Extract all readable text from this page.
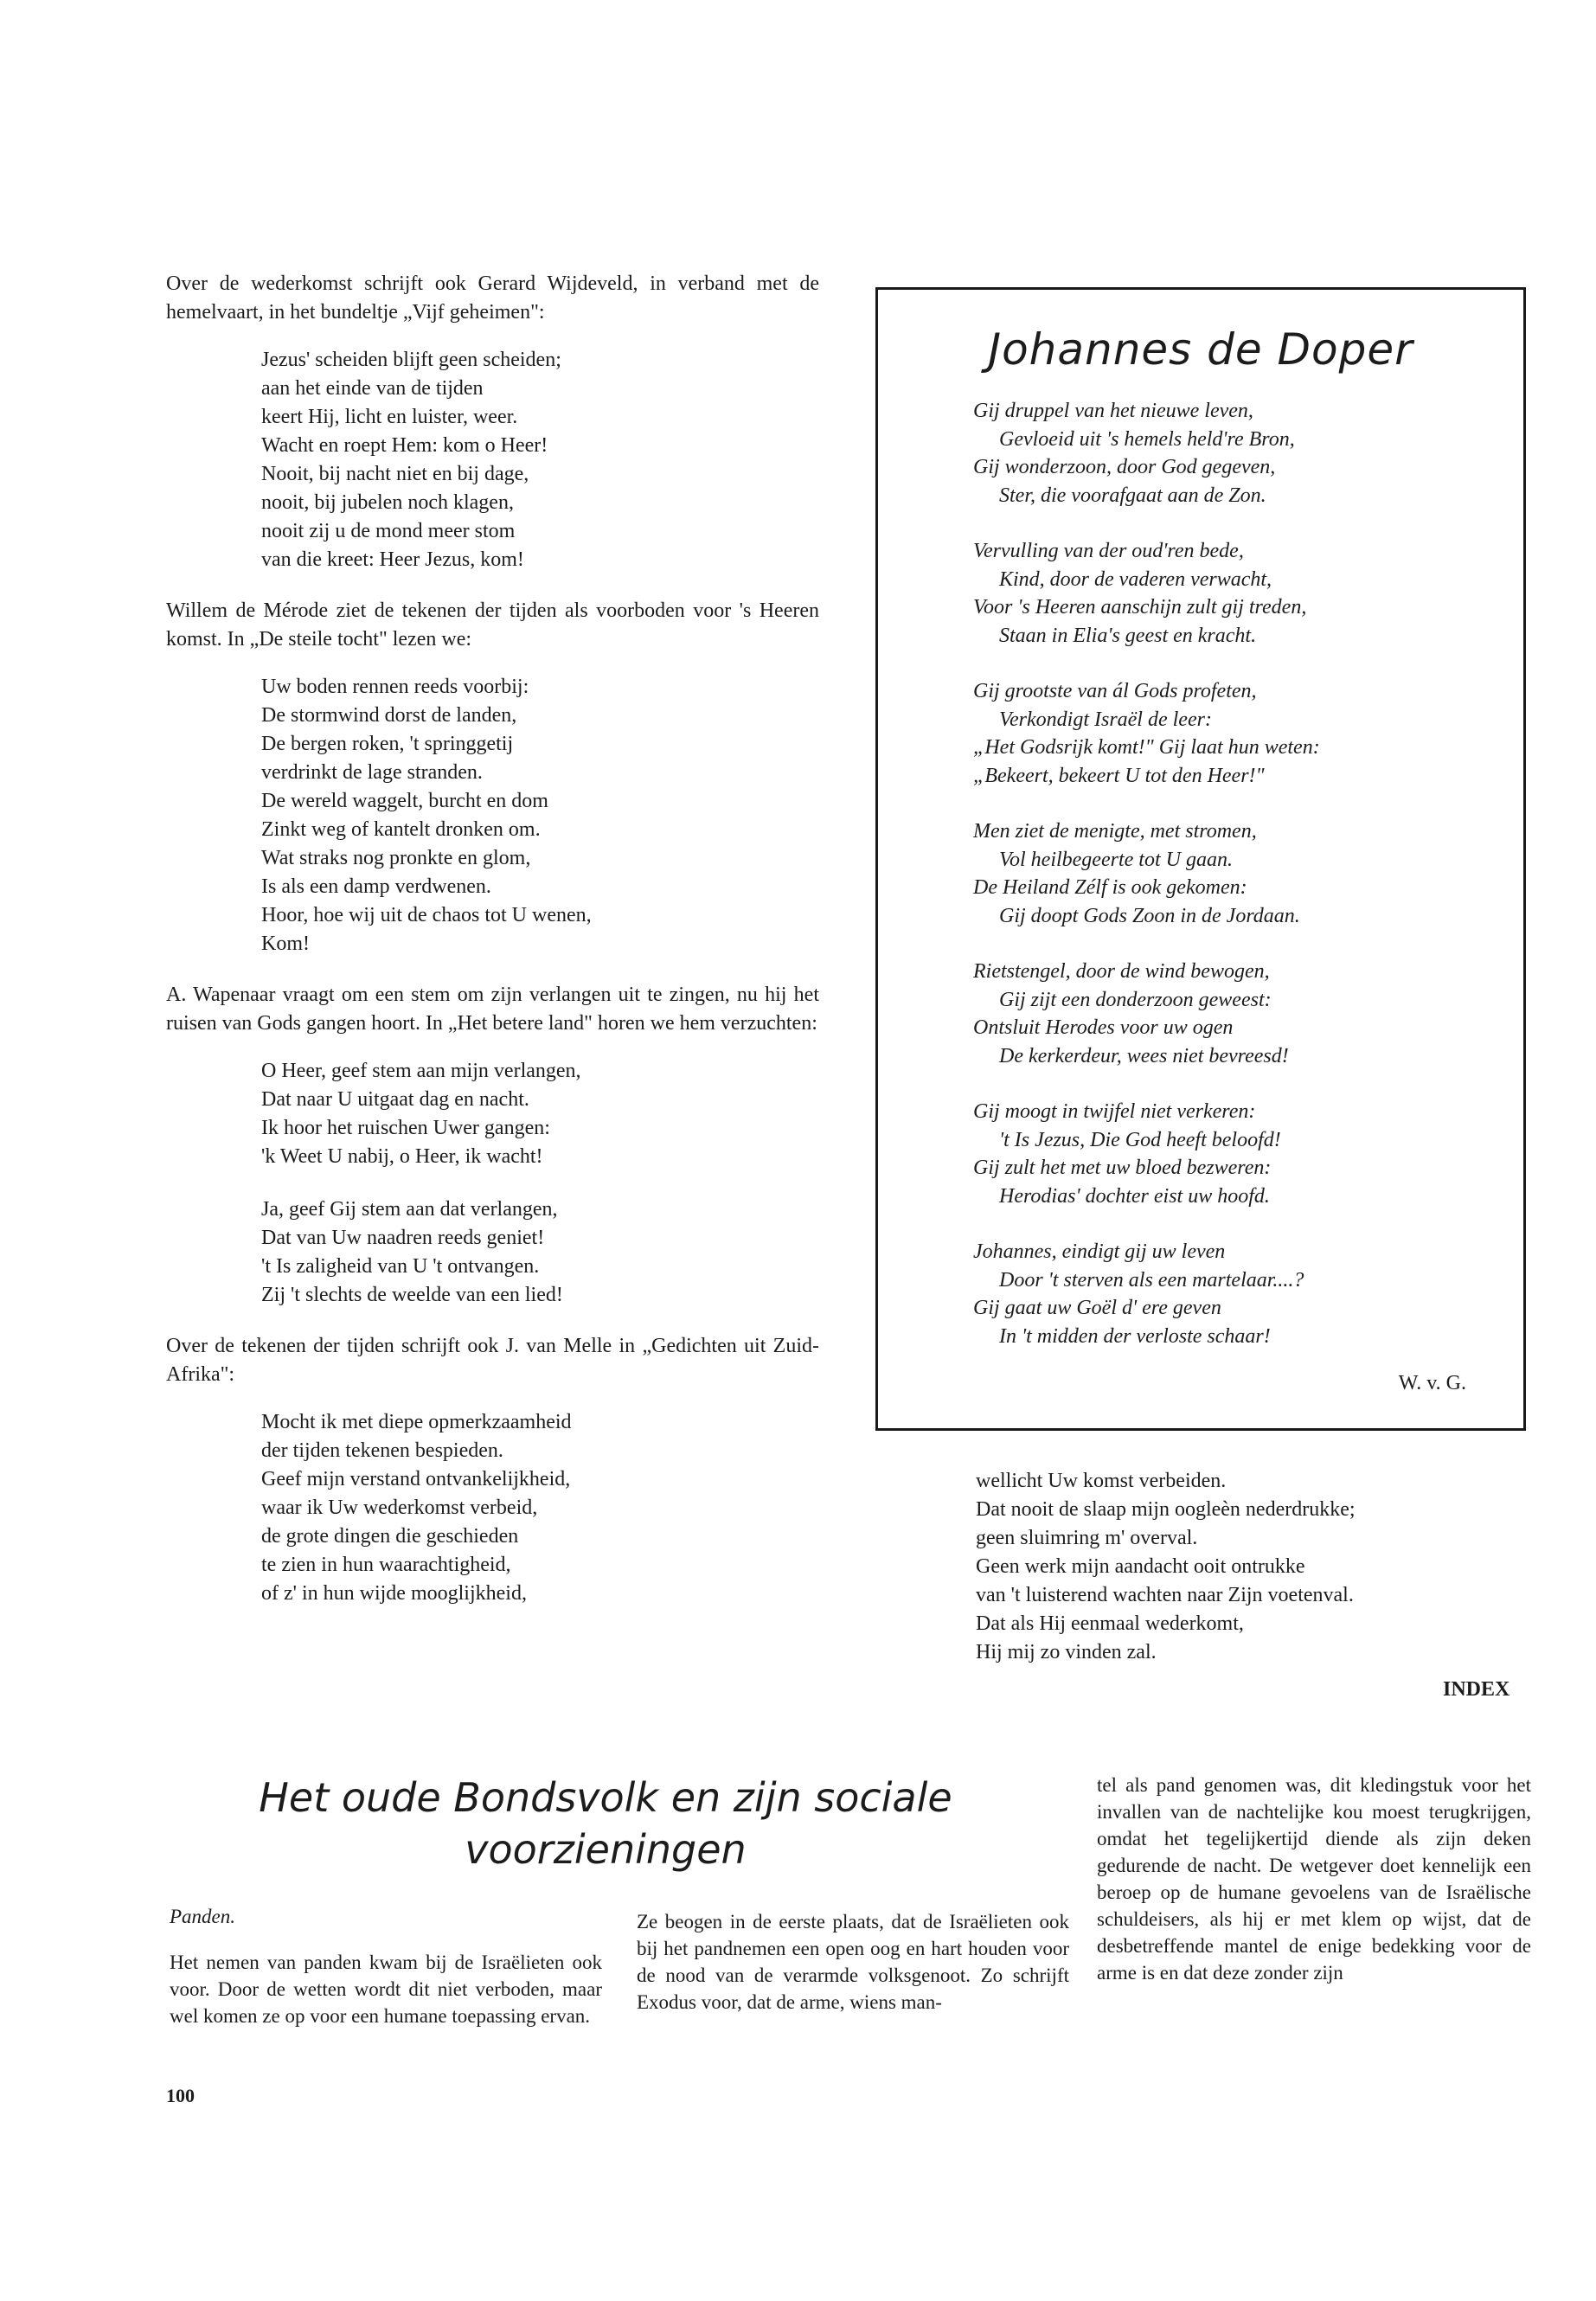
Over de wederkomst schrijft ook Gerard Wijdeveld, in verband met de hemelvaart, in het bundeltje „Vijf geheimen":

Jezus' scheiden blijft geen scheiden;
aan het einde van de tijden
keert Hij, licht en luister, weer.
Wacht en roept Hem: kom o Heer!
Nooit, bij nacht niet en bij dage,
nooit, bij jubelen noch klagen,
nooit zij u de mond meer stom
van die kreet: Heer Jezus, kom!

Willem de Mérode ziet de tekenen der tijden als voorboden voor 's Heeren komst. In „De steile tocht" lezen we:

Uw boden rennen reeds voorbij:
De stormwind dorst de landen,
De bergen roken, 't springgetij
verdrinkt de lage stranden.
De wereld waggelt, burcht en dom
Zinkt weg of kantelt dronken om.
Wat straks nog pronkte en glom,
Is als een damp verdwenen.
Hoor, hoe wij uit de chaos tot U wenen,
Kom!

A. Wapenaar vraagt om een stem om zijn verlangen uit te zingen, nu hij het ruisen van Gods gangen hoort. In „Het betere land" horen we hem verzuchten:

O Heer, geef stem aan mijn verlangen,
Dat naar U uitgaat dag en nacht.
Ik hoor het ruischen Uwer gangen:
'k Weet U nabij, o Heer, ik wacht!
Ja, geef Gij stem aan dat verlangen,
Dat van Uw naadren reeds geniet!
't Is zaligheid van U 't ontvangen.
Zij 't slechts de weelde van een lied!

Over de tekenen der tijden schrijft ook J. van Melle in „Gedichten uit Zuid-Afrika":

Mocht ik met diepe opmerkzaamheid
der tijden tekenen bespieden.
Geef mijn verstand ontvankelijkheid,
waar ik Uw wederkomst verbeid,
de grote dingen die geschieden
te zien in hun waarachtigheid,
of z' in hun wijde mooglijkheid,
Johannes de Doper
Gij druppel van het nieuwe leven,
Gevloeid uit 's hemels held're Bron,
Gij wonderzoon, door God gegeven,
Ster, die voorafgaat aan de Zon.
Vervulling van der oud'ren bede,
Kind, door de vaderen verwacht,
Voor 's Heeren aanschijn zult gij treden,
Staan in Elia's geest en kracht.
Gij grootste van ál Gods profeten,
Verkondigt Israël de leer:
„Het Godsrijk komt!" Gij laat hun weten:
„Bekeert, bekeert U tot den Heer!"
Men ziet de menigte, met stromen,
Vol heilbegeerte tot U gaan.
De Heiland Zélf is ook gekomen:
Gij doopt Gods Zoon in de Jordaan.
Rietstengel, door de wind bewogen,
Gij zijt een donderzoon geweest:
Ontsluit Herodes voor uw ogen
De kerkerdeur, wees niet bevreesd!
Gij moogt in twijfel niet verkeren:
't Is Jezus, Die God heeft beloofd!
Gij zult het met uw bloed bezweren:
Herodias' dochter eist uw hoofd.
Johannes, eindigt gij uw leven
Door 't sterven als een martelaar....?
Gij gaat uw Goël d' ere geven
In 't midden der verloste schaar!
W. v. G.
wellicht Uw komst verbeiden.
Dat nooit de slaap mijn oogleèn nederdrukke;
geen sluimring m' overval.
Geen werk mijn aandacht ooit ontrukke
van 't luisterend wachten naar Zijn voetenval.
Dat als Hij eenmaal wederkomt,
Hij mij zo vinden zal.
INDEX
Het oude Bondsvolk en zijn sociale
voorzieningen

Panden.

Het nemen van panden kwam bij de Israëlieten ook voor. Door de wetten wordt dit niet verboden, maar wel komen ze op voor een humane toepassing ervan.

Ze beogen in de eerste plaats, dat de Israëlieten ook bij het pandnemen een open oog en hart houden voor de nood van de verarmde volksgenoot. Zo schrijft Exodus voor, dat de arme, wiens man-

tel als pand genomen was, dit kledingstuk voor het invallen van de nachtelijke kou moest terugkrijgen, omdat het tegelijkertijd diende als zijn deken gedurende de nacht. De wetgever doet kennelijk een beroep op de humane gevoelens van de Israëlische schuldeisers, als hij er met klem op wijst, dat de desbetreffende mantel de enige bedekking voor de arme is en dat deze zonder zijn

100
